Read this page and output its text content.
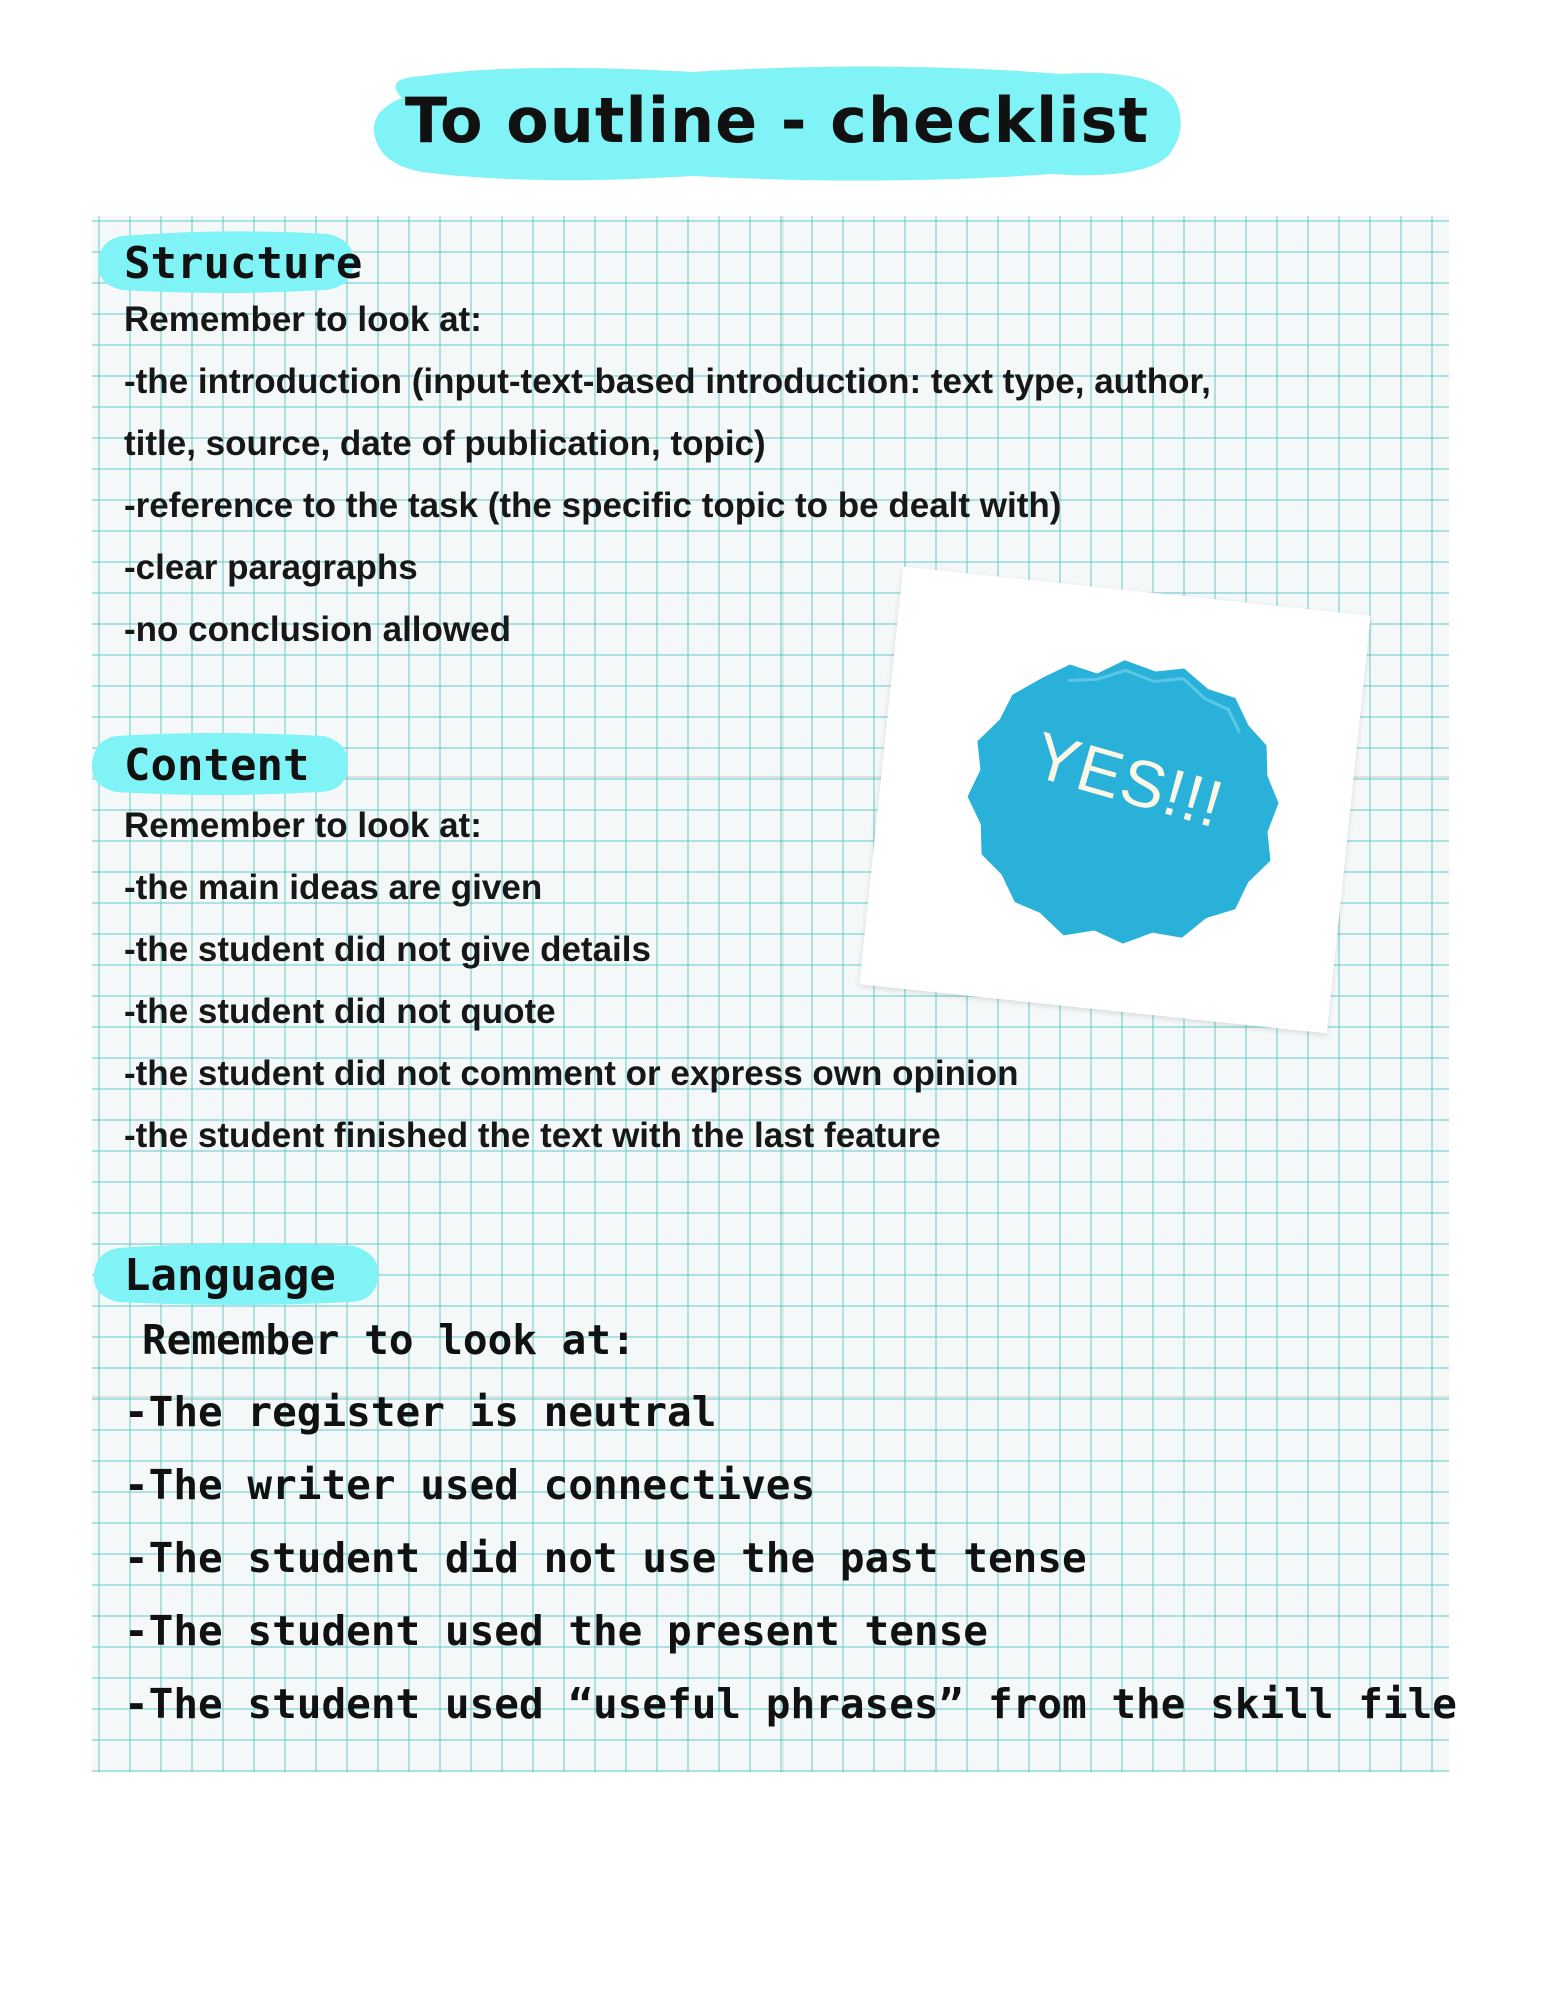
To outline - checklist
Structure
Remember to look at:
-the introduction (input-text-based introduction: text type, author,
title, source, date of publication, topic)
-reference to the task (the specific topic to be dealt with)
-clear paragraphs
-no conclusion allowed
Content
Remember to look at:
-the main ideas are given
-the student did not give details
-the student did not quote
-the student did not comment or express own opinion
-the student finished the text with the last feature
Language
Remember to look at:
-The register is neutral
-The writer used connectives
-The student did not use the past tense
-The student used the present tense
-The student used “useful phrases” from the skill file
YES!!!
